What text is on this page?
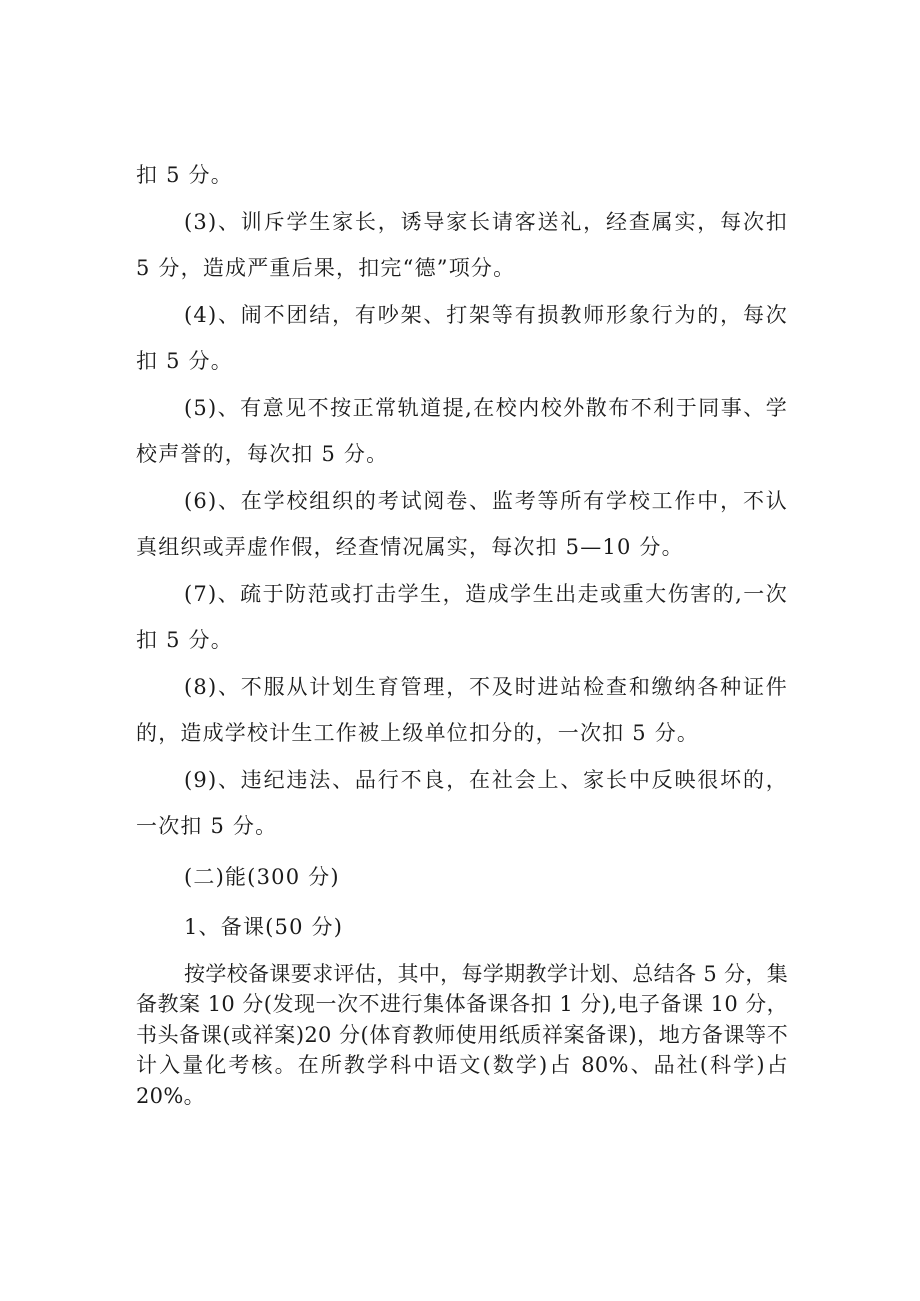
扣 5 分。

(3)、训斥学生家长，诱导家长请客送礼，经查属实，每次扣 5 分，造成严重后果，扣完“德”项分。

(4)、闹不团结，有吵架、打架等有损教师形象行为的，每次扣 5 分。

(5)、有意见不按正常轨道提,在校内校外散布不利于同事、学校声誉的，每次扣 5 分。

(6)、在学校组织的考试阅卷、监考等所有学校工作中，不认真组织或弄虚作假，经查情况属实，每次扣 5—10 分。

(7)、疏于防范或打击学生，造成学生出走或重大伤害的,一次扣 5 分。

(8)、不服从计划生育管理，不及时进站检查和缴纳各种证件的，造成学校计生工作被上级单位扣分的，一次扣 5 分。

(9)、违纪违法、品行不良，在社会上、家长中反映很坏的，一次扣 5 分。

(二)能(300 分)

1、备课(50 分)

按学校备课要求评估，其中，每学期教学计划、总结各 5 分，集备教案 10 分(发现一次不进行集体备课各扣 1 分),电子备课 10 分，书头备课(或祥案)20 分(体育教师使用纸质祥案备课)，地方备课等不计入量化考核。在所教学科中语文(数学)占 80%、品社(科学)占 20%。
